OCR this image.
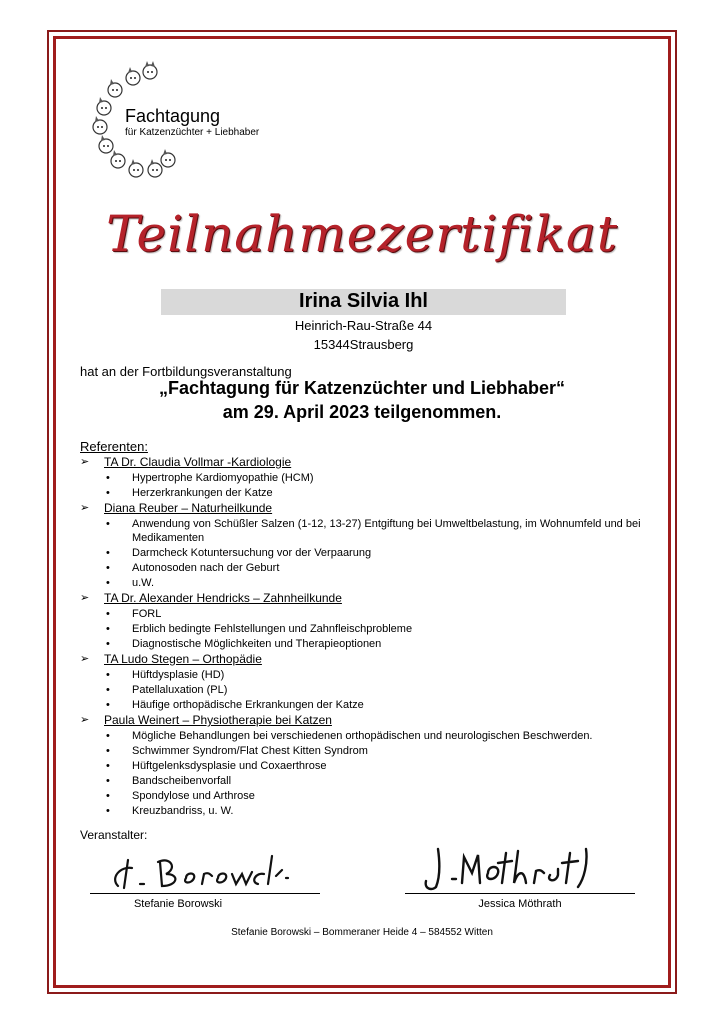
Fachtagung
für Katzenzüchter + Liebhaber
Teilnahmezertifikat
Irina Silvia Ihl
Heinrich-Rau-Straße 44
15344Strausberg
hat an der Fortbildungsveranstaltung
„Fachtagung für Katzenzüchter und Liebhaber“
am 29. April 2023 teilgenommen.
Referenten:
➢ TA Dr. Claudia Vollmar -Kardiologie
• Hypertrophe Kardiomyopathie (HCM)
• Herzerkrankungen der Katze
➢ Diana Reuber – Naturheilkunde
• Anwendung von Schüßler Salzen (1-12, 13-27) Entgiftung bei Umweltbelastung, im Wohnumfeld und bei Medikamenten
• Darmcheck Kotuntersuchung vor der Verpaarung
• Autonosoden nach der Geburt
• u.W.
➢ TA Dr. Alexander Hendricks – Zahnheilkunde
• FORL
• Erblich bedingte Fehlstellungen und Zahnfleischprobleme
• Diagnostische Möglichkeiten und Therapieoptionen
➢ TA Ludo Stegen – Orthopädie
• Hüftdysplasie (HD)
• Patellaluxation (PL)
• Häufige orthopädische Erkrankungen der Katze
➢ Paula Weinert – Physiotherapie bei Katzen
• Mögliche Behandlungen bei verschiedenen orthopädischen und neurologischen Beschwerden.
• Schwimmer Syndrom/Flat Chest Kitten Syndrom
• Hüftgelenksdysplasie und Coxaerthrose
• Bandscheibenvorfall
• Spondylose und Arthrose
• Kreuzbandriss, u. W.
Veranstalter:
Stefanie Borowski	Jessica Möthrath
Stefanie Borowski – Bommeraner Heide 4 – 584552 Witten
